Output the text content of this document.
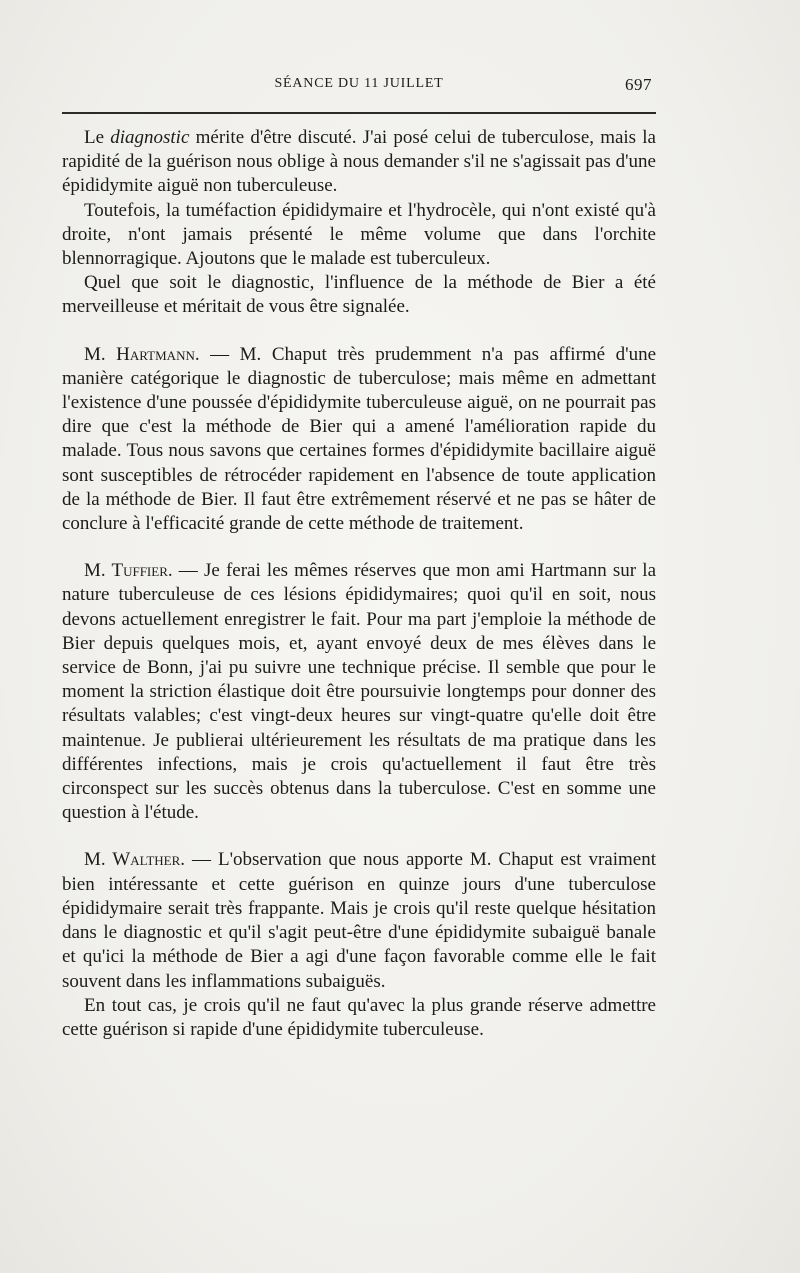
SÉANCE DU 11 JUILLET	697

Le diagnostic mérite d'être discuté. J'ai posé celui de tuberculose, mais la rapidité de la guérison nous oblige à nous demander s'il ne s'agissait pas d'une épididymite aiguë non tuberculeuse.

Toutefois, la tuméfaction épididymaire et l'hydrocèle, qui n'ont existé qu'à droite, n'ont jamais présenté le même volume que dans l'orchite blennorragique. Ajoutons que le malade est tuberculeux.

Quel que soit le diagnostic, l'influence de la méthode de Bier a été merveilleuse et méritait de vous être signalée.

M. Hartmann. — M. Chaput très prudemment n'a pas affirmé d'une manière catégorique le diagnostic de tuberculose; mais même en admettant l'existence d'une poussée d'épididymite tuberculeuse aiguë, on ne pourrait pas dire que c'est la méthode de Bier qui a amené l'amélioration rapide du malade. Tous nous savons que certaines formes d'épididymite bacillaire aiguë sont susceptibles de rétrocéder rapidement en l'absence de toute application de la méthode de Bier. Il faut être extrêmement réservé et ne pas se hâter de conclure à l'efficacité grande de cette méthode de traitement.

M. Tuffier. — Je ferai les mêmes réserves que mon ami Hartmann sur la nature tuberculeuse de ces lésions épididymaires; quoi qu'il en soit, nous devons actuellement enregistrer le fait. Pour ma part j'emploie la méthode de Bier depuis quelques mois, et, ayant envoyé deux de mes élèves dans le service de Bonn, j'ai pu suivre une technique précise. Il semble que pour le moment la striction élastique doit être poursuivie longtemps pour donner des résultats valables; c'est vingt-deux heures sur vingt-quatre qu'elle doit être maintenue. Je publierai ultérieurement les résultats de ma pratique dans les différentes infections, mais je crois qu'actuellement il faut être très circonspect sur les succès obtenus dans la tuberculose. C'est en somme une question à l'étude.

M. Walther. — L'observation que nous apporte M. Chaput est vraiment bien intéressante et cette guérison en quinze jours d'une tuberculose épididymaire serait très frappante. Mais je crois qu'il reste quelque hésitation dans le diagnostic et qu'il s'agit peut-être d'une épididymite subaiguë banale et qu'ici la méthode de Bier a agi d'une façon favorable comme elle le fait souvent dans les inflammations subaiguës.

En tout cas, je crois qu'il ne faut qu'avec la plus grande réserve admettre cette guérison si rapide d'une épididymite tuberculeuse.
